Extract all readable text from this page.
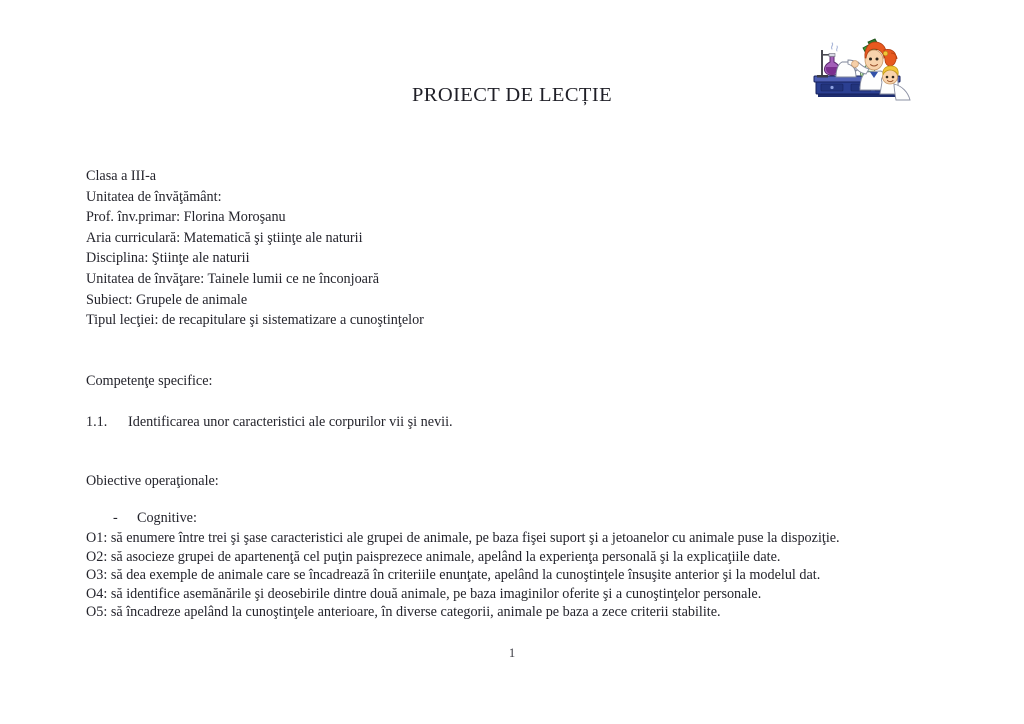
PROIECT DE LECȚIE
Clasa a III-a
Unitatea de învăţământ:
Prof. înv.primar: Florina Moroşanu
Aria curriculară: Matematică şi ştiinţe ale naturii
Disciplina: Ştiinţe ale naturii
Unitatea de învăţare: Tainele lumii ce ne înconjoară
Subiect: Grupele de animale
Tipul lecţiei: de recapitulare şi sistematizare a cunoştinţelor
Competenţe specifice:
1.1. Identificarea unor caracteristici ale corpurilor vii şi nevii.
Obiective operaţionale:
- Cognitive:
O1: să enumere între trei şi şase caracteristici ale grupei de animale, pe baza fişei suport şi a jetoanelor cu animale puse la dispoziţie.
O2: să asocieze grupei de apartenenţă cel puţin paisprezece animale, apelând la experienţa personală şi la explicaţiile date.
O3: să dea exemple de animale care se încadrează în criteriile enunţate, apelând la cunoştinţele însuşite anterior şi la modelul dat.
O4: să identifice asemănările şi deosebirile dintre două animale, pe baza imaginilor oferite şi a cunoştinţelor personale.
O5: să încadreze apelând la cunoştinţele anterioare, în diverse categorii, animale pe baza a zece criterii stabilite.
1
